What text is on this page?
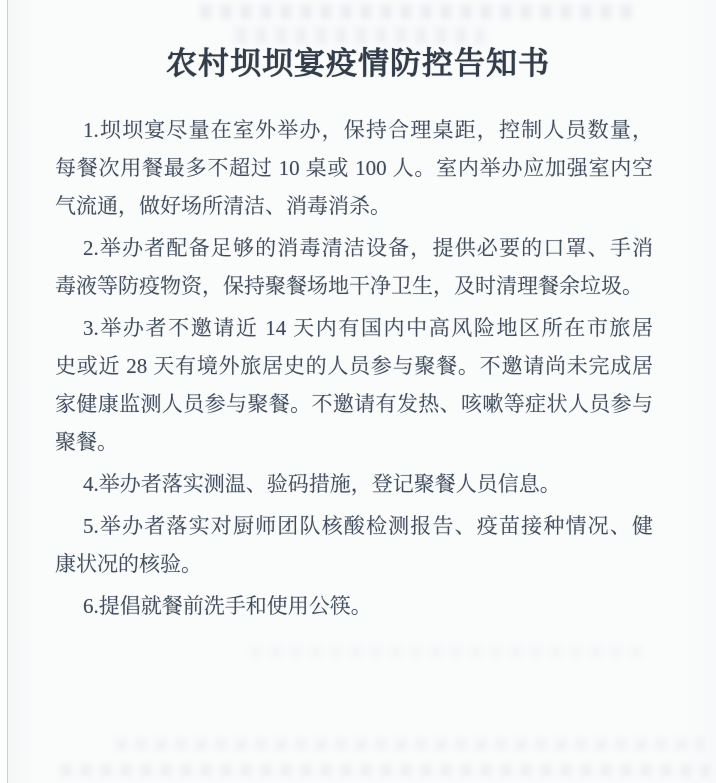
农村坝坝宴疫情防控告知书
1.坝坝宴尽量在室外举办，保持合理桌距，控制人员数量，
每餐次用餐最多不超过 10 桌或 100 人。室内举办应加强室内空
气流通，做好场所清洁、消毒消杀。
2.举办者配备足够的消毒清洁设备，提供必要的口罩、手消
毒液等防疫物资，保持聚餐场地干净卫生，及时清理餐余垃圾。
3.举办者不邀请近 14 天内有国内中高风险地区所在市旅居
史或近 28 天有境外旅居史的人员参与聚餐。不邀请尚未完成居
家健康监测人员参与聚餐。不邀请有发热、咳嗽等症状人员参与
聚餐。
4.举办者落实测温、验码措施，登记聚餐人员信息。
5.举办者落实对厨师团队核酸检测报告、疫苗接种情况、健
康状况的核验。
6.提倡就餐前洗手和使用公筷。
